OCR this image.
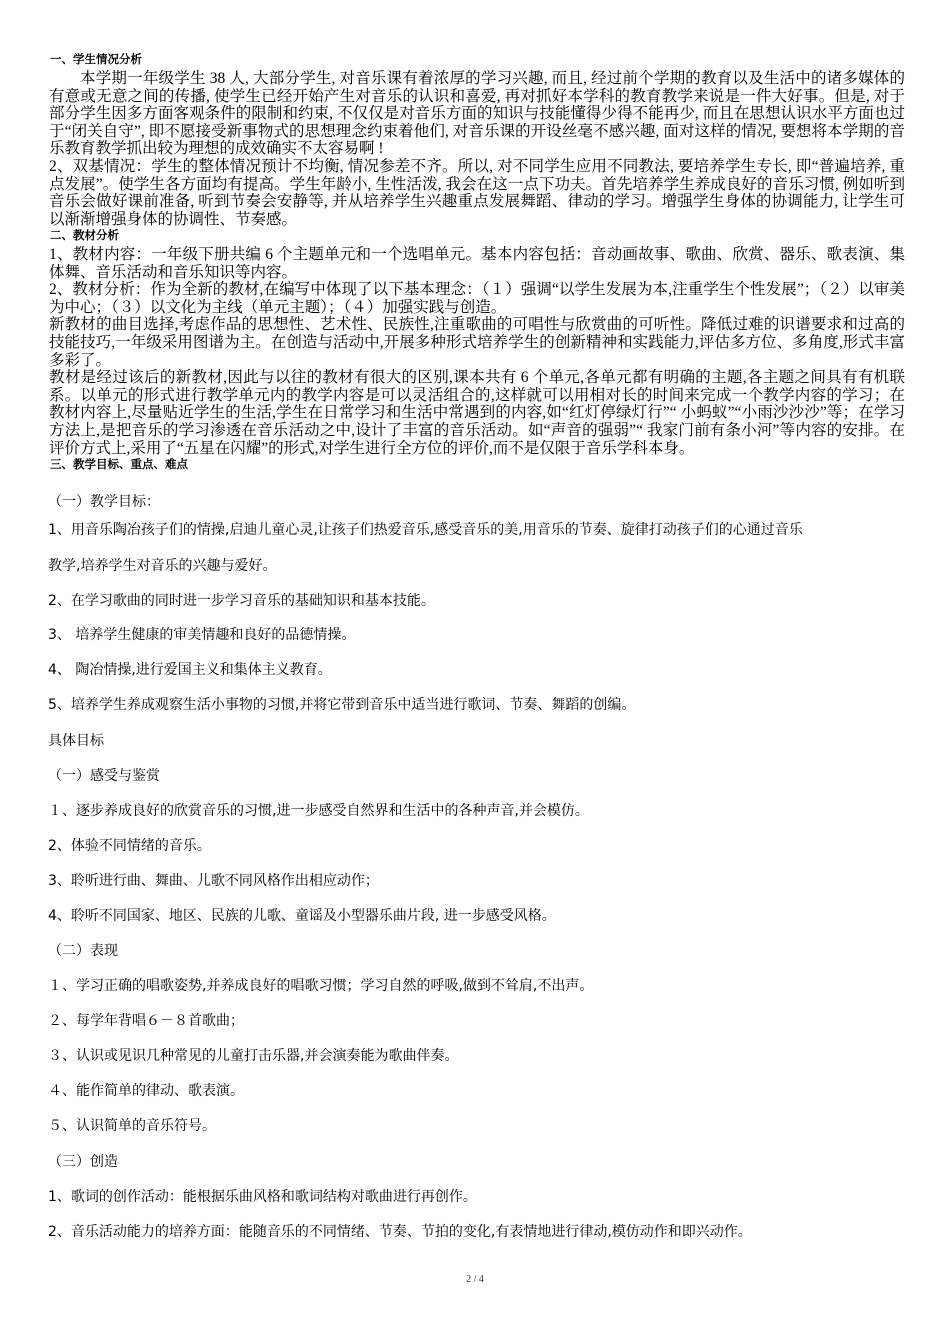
一、学生情况分析

本学期一年级学生 38 人, 大部分学生, 对音乐课有着浓厚的学习兴趣, 而且, 经过前个学期的教育以及生活中的诸多媒体的有意或无意之间的传播, 使学生已经开始产生对音乐的认识和喜爱, 再对抓好本学科的教育教学来说是一件大好事。但是, 对于部分学生因多方面客观条件的限制和约束, 不仅仅是对音乐方面的知识与技能懂得少得不能再少, 而且在思想认识水平方面也过于“闭关自守”, 即不愿接受新事物式的思想理念约束着他们, 对音乐课的开设丝毫不感兴趣, 面对这样的情况, 要想将本学期的音乐教育教学抓出较为理想的成效确实不太容易啊 !

2、双基情况：学生的整体情况预计不均衡, 情况参差不齐。所以, 对不同学生应用不同教法, 要培养学生专长, 即“普遍培养, 重点发展”。使学生各方面均有提高。学生年龄小, 生性活泼, 我会在这一点下功夫。首先培养学生养成良好的音乐习惯, 例如听到音乐会做好课前准备, 听到节奏会安静等, 并从培养学生兴趣重点发展舞蹈、律动的学习。增强学生身体的协调能力, 让学生可以渐渐增强身体的协调性、节奏感。

二、教材分析

1、教材内容：一年级下册共编 6 个主题单元和一个选唱单元。基本内容包括：音动画故事、歌曲、欣赏、器乐、歌表演、集体舞、音乐活动和音乐知识等内容。

2、教材分析：作为全新的教材,在编写中体现了以下基本理念：（１）强调“以学生发展为本,注重学生个性发展”；（２）以审美为中心；（３）以文化为主线（单元主题）；（４）加强实践与创造。

新教材的曲目选择,考虑作品的思想性、艺术性、民族性,注重歌曲的可唱性与欣赏曲的可听性。降低过难的识谱要求和过高的技能技巧,一年级采用图谱为主。在创造与活动中,开展多种形式培养学生的创新精神和实践能力,评估多方位、多角度,形式丰富多彩了。

教材是经过该后的新教材,因此与以往的教材有很大的区别,课本共有 6 个单元,各单元都有明确的主题,各主题之间具有有机联系。以单元的形式进行教学单元内的教学内容是可以灵活组合的,这样就可以用相对长的时间来完成一个教学内容的学习；在教材内容上,尽量贴近学生的生活,学生在日常学习和生活中常遇到的内容,如“红灯停绿灯行”“ 小蚂蚁”“小雨沙沙沙”等；在学习方法上,是把音乐的学习渗透在音乐活动之中,设计了丰富的音乐活动。如“声音的强弱”“ 我家门前有条小河”等内容的安排。在评价方式上,采用了“五星在闪耀”的形式,对学生进行全方位的评价,而不是仅限于音乐学科本身。

三、教学目标、重点、难点
（一）教学目标：
1、用音乐陶冶孩子们的情操,启迪儿童心灵,让孩子们热爱音乐,感受音乐的美,用音乐的节奏、旋律打动孩子们的心通过音乐
教学,培养学生对音乐的兴趣与爱好。
2、在学习歌曲的同时进一步学习音乐的基础知识和基本技能。
3、 培养学生健康的审美情趣和良好的品德情操。
4、 陶冶情操,进行爱国主义和集体主义教育。
5、培养学生养成观察生活小事物的习惯,并将它带到音乐中适当进行歌词、节奏、舞蹈的创编。
具体目标
（一）感受与鉴赏
１、逐步养成良好的欣赏音乐的习惯,进一步感受自然界和生活中的各种声音,并会模仿。
2、体验不同情绪的音乐。
3、聆听进行曲、舞曲、儿歌不同风格作出相应动作；
4、聆听不同国家、地区、民族的儿歌、童谣及小型器乐曲片段, 进一步感受风格。
（二）表现
１、学习正确的唱歌姿势,并养成良好的唱歌习惯；学习自然的呼吸,做到不耸肩,不出声。
２、每学年背唱６－８首歌曲；
３、认识或见识几种常见的儿童打击乐器,并会演奏能为歌曲伴奏。
４、能作简单的律动、歌表演。
５、认识简单的音乐符号。
（三）创造
1、歌词的创作活动：能根据乐曲风格和歌词结构对歌曲进行再创作。
2、音乐活动能力的培养方面：能随音乐的不同情绪、节奏、节拍的变化,有表情地进行律动,模仿动作和即兴动作。
2 / 4
